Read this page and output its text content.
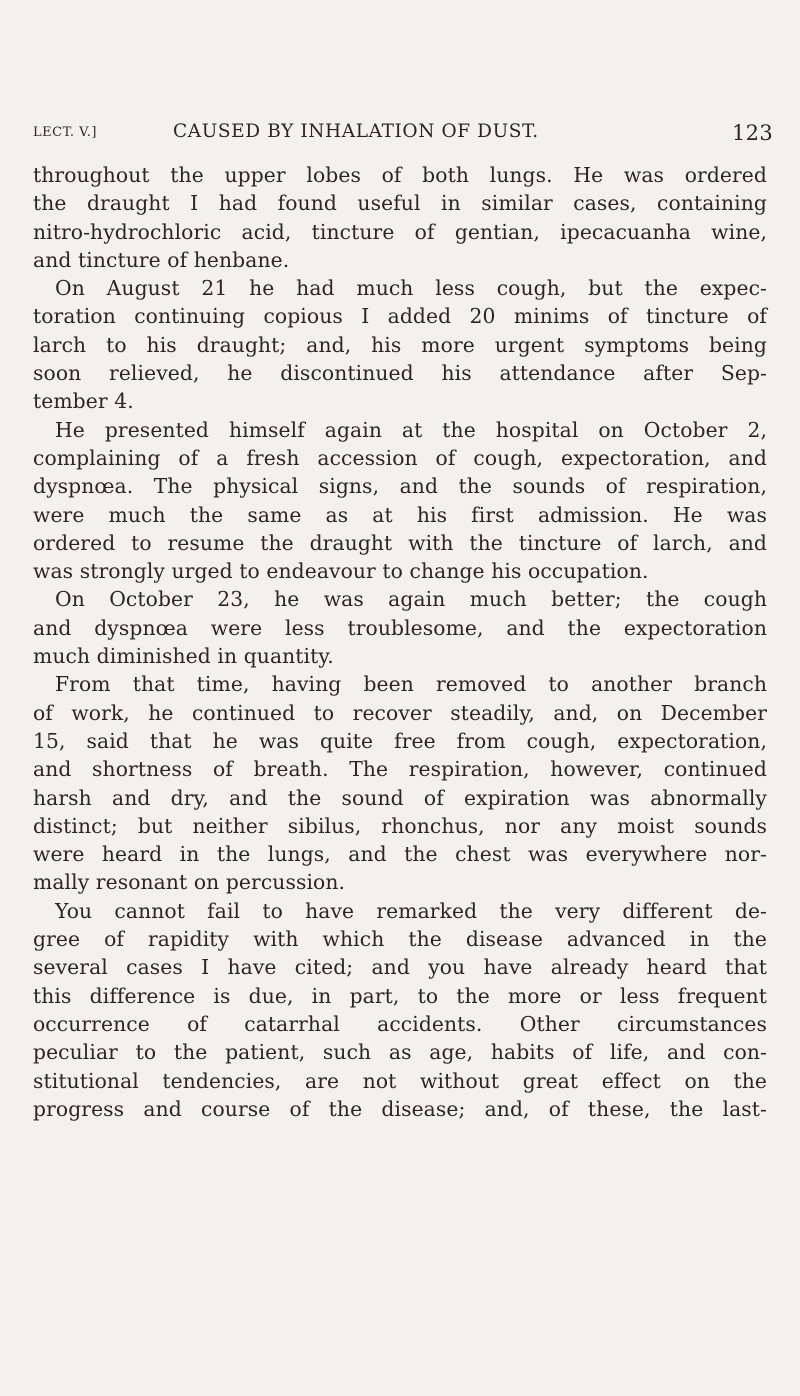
LECT. V.]	CAUSED BY INHALATION OF DUST.	123
throughout the upper lobes of both lungs. He was ordered
the draught I had found useful in similar cases, containing
nitro-hydrochloric acid, tincture of gentian, ipecacuanha wine,
and tincture of henbane.
On August 21 he had much less cough, but the expec-
toration continuing copious I added 20 minims of tincture of
larch to his draught; and, his more urgent symptoms being
soon relieved, he discontinued his attendance after Sep-
tember 4.
He presented himself again at the hospital on October 2,
complaining of a fresh accession of cough, expectoration, and
dyspnœa. The physical signs, and the sounds of respiration,
were much the same as at his first admission. He was
ordered to resume the draught with the tincture of larch, and
was strongly urged to endeavour to change his occupation.
On October 23, he was again much better; the cough
and dyspnœa were less troublesome, and the expectoration
much diminished in quantity.
From that time, having been removed to another branch
of work, he continued to recover steadily, and, on December
15, said that he was quite free from cough, expectoration,
and shortness of breath. The respiration, however, continued
harsh and dry, and the sound of expiration was abnormally
distinct; but neither sibilus, rhonchus, nor any moist sounds
were heard in the lungs, and the chest was everywhere nor-
mally resonant on percussion.
You cannot fail to have remarked the very different de-
gree of rapidity with which the disease advanced in the
several cases I have cited; and you have already heard that
this difference is due, in part, to the more or less frequent
occurrence of catarrhal accidents. Other circumstances
peculiar to the patient, such as age, habits of life, and con-
stitutional tendencies, are not without great effect on the
progress and course of the disease; and, of these, the last-
